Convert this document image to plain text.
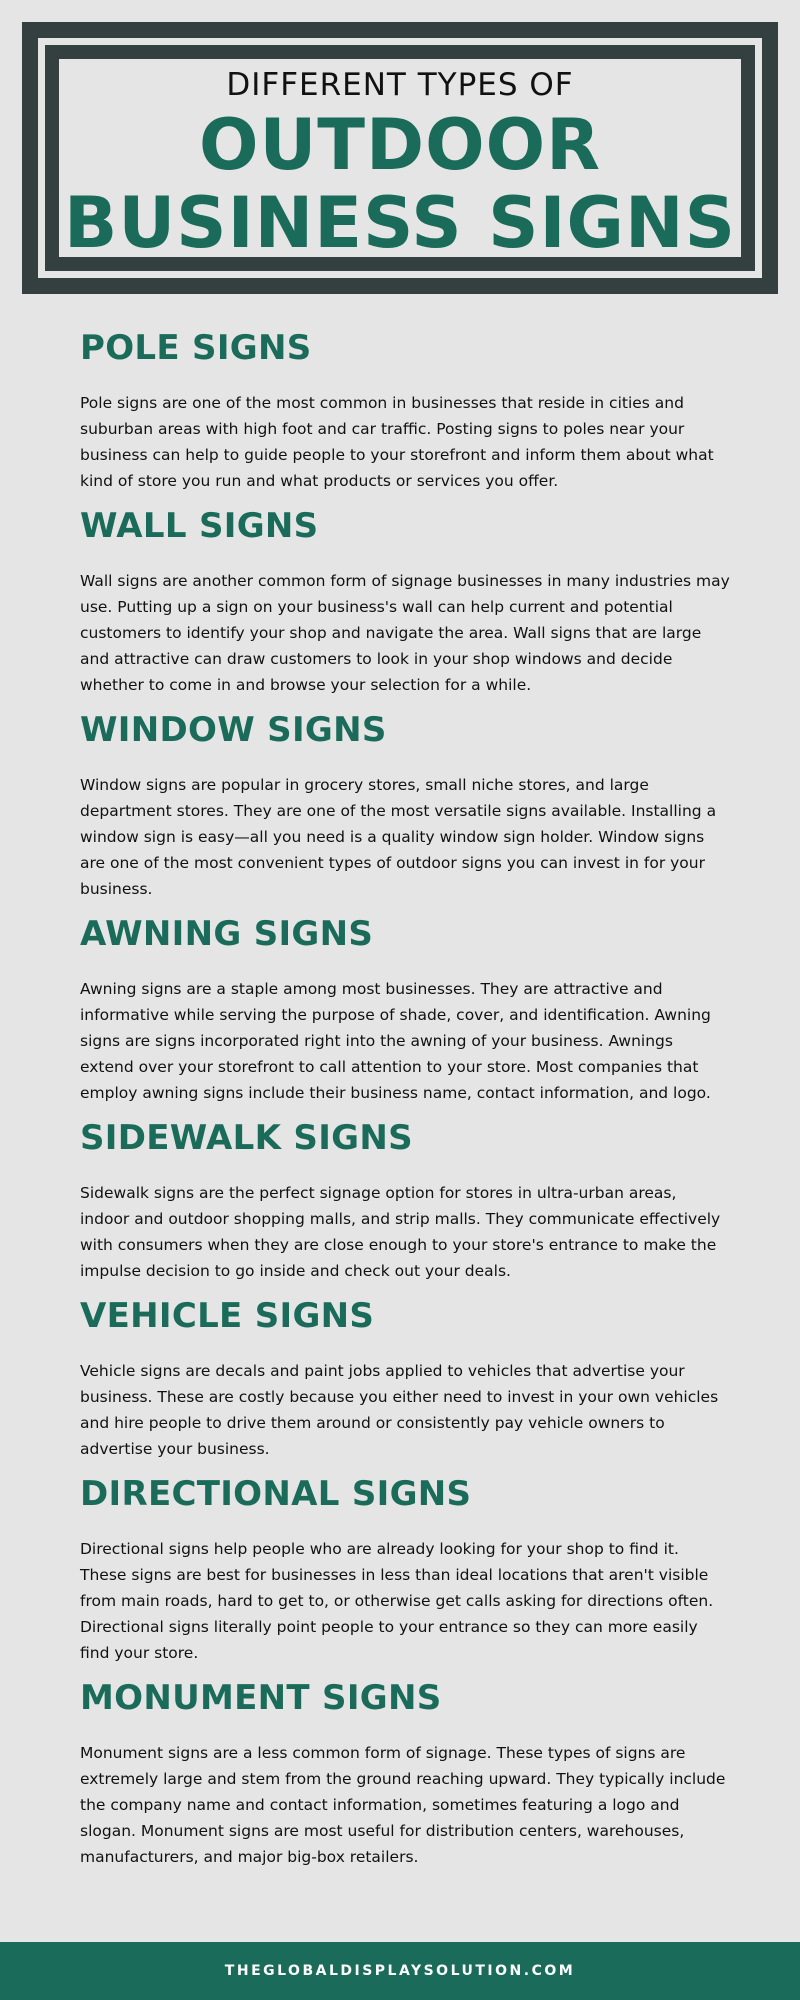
DIFFERENT TYPES OF
OUTDOOR
BUSINESS SIGNS
POLE SIGNS

Pole signs are one of the most common in businesses that reside in cities and suburban areas with high foot and car traffic. Posting signs to poles near your business can help to guide people to your storefront and inform them about what kind of store you run and what products or services you offer.

WALL SIGNS

Wall signs are another common form of signage businesses in many industries may use. Putting up a sign on your business's wall can help current and potential customers to identify your shop and navigate the area. Wall signs that are large and attractive can draw customers to look in your shop windows and decide whether to come in and browse your selection for a while.

WINDOW SIGNS

Window signs are popular in grocery stores, small niche stores, and large department stores. They are one of the most versatile signs available. Installing a window sign is easy—all you need is a quality window sign holder. Window signs are one of the most convenient types of outdoor signs you can invest in for your business.

AWNING SIGNS

Awning signs are a staple among most businesses. They are attractive and informative while serving the purpose of shade, cover, and identification. Awning signs are signs incorporated right into the awning of your business. Awnings extend over your storefront to call attention to your store. Most companies that employ awning signs include their business name, contact information, and logo.

SIDEWALK SIGNS

Sidewalk signs are the perfect signage option for stores in ultra-urban areas, indoor and outdoor shopping malls, and strip malls. They communicate effectively with consumers when they are close enough to your store's entrance to make the impulse decision to go inside and check out your deals.

VEHICLE SIGNS

Vehicle signs are decals and paint jobs applied to vehicles that advertise your business. These are costly because you either need to invest in your own vehicles and hire people to drive them around or consistently pay vehicle owners to advertise your business.

DIRECTIONAL SIGNS

Directional signs help people who are already looking for your shop to find it. These signs are best for businesses in less than ideal locations that aren't visible from main roads, hard to get to, or otherwise get calls asking for directions often. Directional signs literally point people to your entrance so they can more easily find your store.

MONUMENT SIGNS

Monument signs are a less common form of signage. These types of signs are extremely large and stem from the ground reaching upward. They typically include the company name and contact information, sometimes featuring a logo and slogan. Monument signs are most useful for distribution centers, warehouses, manufacturers, and major big-box retailers.

THEGLOBALDISPLAYSOLUTION.COM
